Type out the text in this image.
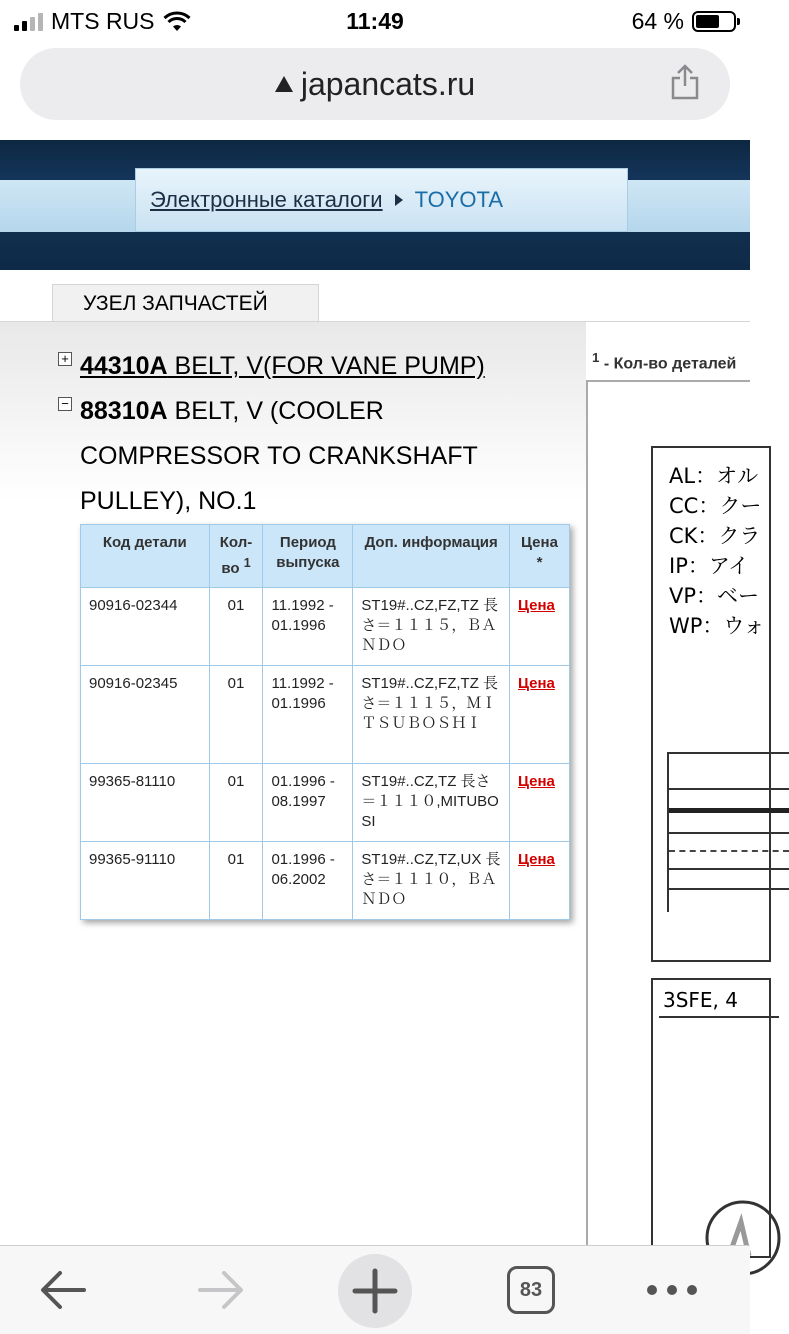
MTS RUS	11:49	64 %
japancats.ru
Электронные каталоги TOYOTA
УЗЕЛ ЗАПЧАСТЕЙ
+ 44310A BELT, V(FOR VANE PUMP)
− 88310A BELT, V (COOLER COMPRESSOR TO CRANKSHAFT PULLEY), NO.1
Код детали	Кол-во $^1$	Период выпуска	Доп. информация	Цена
*
90916-02344	01	11.1992 - 01.1996	ST19#..CZ,FZ,TZ 長さ＝１１１５，ＢＡＮＤＯ	Цена
90916-02345	01	11.1992 - 01.1996	ST19#..CZ,FZ,TZ 長さ＝１１１５，ＭＩＴＳＵＢＯＳＨＩ	Цена
99365-81110	01	01.1996 - 08.1997	ST19#..CZ,TZ 長さ＝１１１０,MITUBOSI	Цена
99365-91110	01	01.1996 - 06.2002	ST19#..CZ,TZ,UX 長さ＝１１１０，ＢＡＮＤＯ	Цена
$^1$ - Кол-во деталей
AL：オル
CC：クー
CK：クラ
IP：アイ
VP：ベー
WP：ウォ
3SFE, 4
83
